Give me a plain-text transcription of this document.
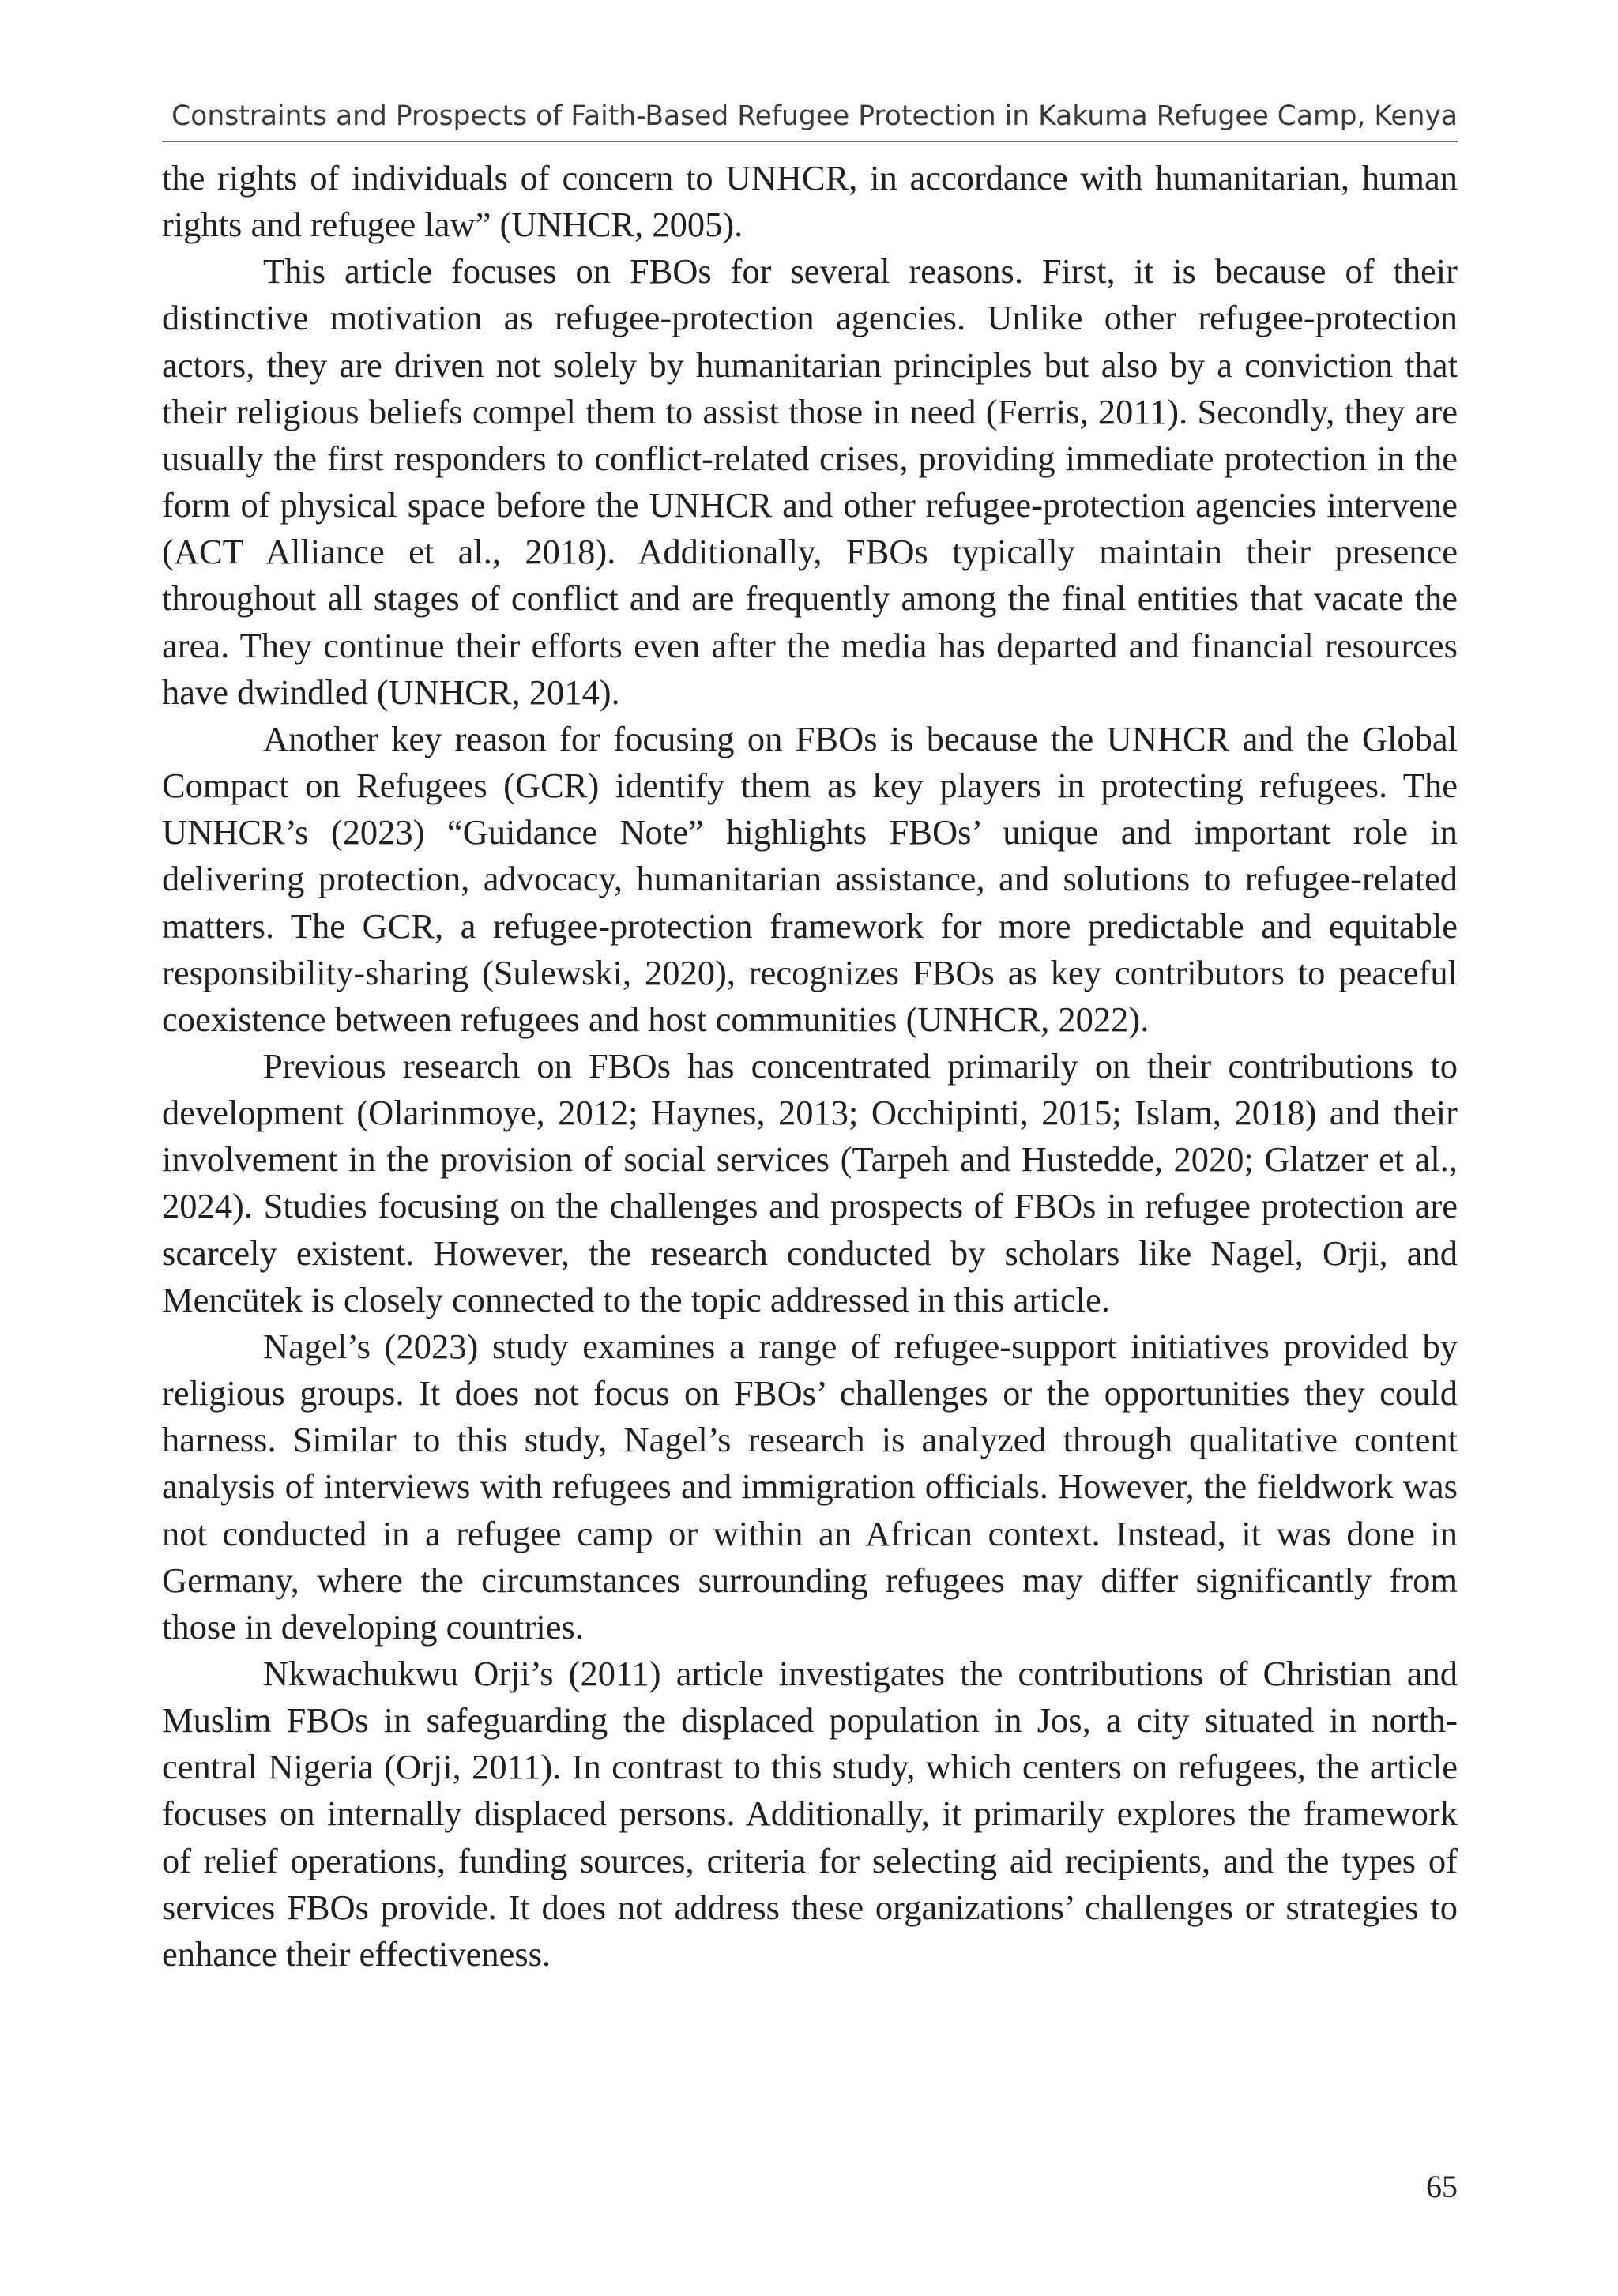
Constraints and Prospects of Faith-Based Refugee Protection in Kakuma Refugee Camp, Kenya

the rights of individuals of concern to UNHCR, in accordance with humanitarian, human rights and refugee law” (UNHCR, 2005).

This article focuses on FBOs for several reasons. First, it is because of their distinctive motivation as refugee-protection agencies. Unlike other refugee-protection actors, they are driven not solely by humanitarian principles but also by a conviction that their religious beliefs compel them to assist those in need (Ferris, 2011). Secondly, they are usually the first responders to conflict-related crises, providing immediate protection in the form of physical space before the UNHCR and other refugee-protection agencies intervene (ACT Alliance et al., 2018). Additionally, FBOs typically maintain their presence throughout all stages of conflict and are frequently among the final entities that vacate the area. They continue their efforts even after the media has departed and financial resources have dwindled (UNHCR, 2014).

Another key reason for focusing on FBOs is because the UNHCR and the Global Compact on Refugees (GCR) identify them as key players in protecting refugees. The UNHCR’s (2023) “Guidance Note” highlights FBOs’ unique and important role in delivering protection, advocacy, humanitarian assistance, and solutions to refugee-related matters. The GCR, a refugee-protection framework for more predictable and equitable responsibility-sharing (Sulewski, 2020), recognizes FBOs as key contributors to peaceful coexistence between refugees and host communities (UNHCR, 2022).

Previous research on FBOs has concentrated primarily on their contributions to development (Olarinmoye, 2012; Haynes, 2013; Occhipinti, 2015; Islam, 2018) and their involvement in the provision of social services (Tarpeh and Hustedde, 2020; Glatzer et al., 2024). Studies focusing on the challenges and prospects of FBOs in refugee protection are scarcely existent. However, the research conducted by scholars like Nagel, Orji, and Mencütek is closely connected to the topic addressed in this article.

Nagel’s (2023) study examines a range of refugee-support initiatives provided by religious groups. It does not focus on FBOs’ challenges or the opportunities they could harness. Similar to this study, Nagel’s research is analyzed through qualitative content analysis of interviews with refugees and immigration officials. However, the fieldwork was not conducted in a refugee camp or within an African context. Instead, it was done in Germany, where the circumstances surrounding refugees may differ significantly from those in developing countries.

Nkwachukwu Orji’s (2011) article investigates the contributions of Christian and Muslim FBOs in safeguarding the displaced population in Jos, a city situated in north-central Nigeria (Orji, 2011). In contrast to this study, which centers on refugees, the article focuses on internally displaced persons. Additionally, it primarily explores the framework of relief operations, funding sources, criteria for selecting aid recipients, and the types of services FBOs provide. It does not address these organizations’ challenges or strategies to enhance their effectiveness.

65
